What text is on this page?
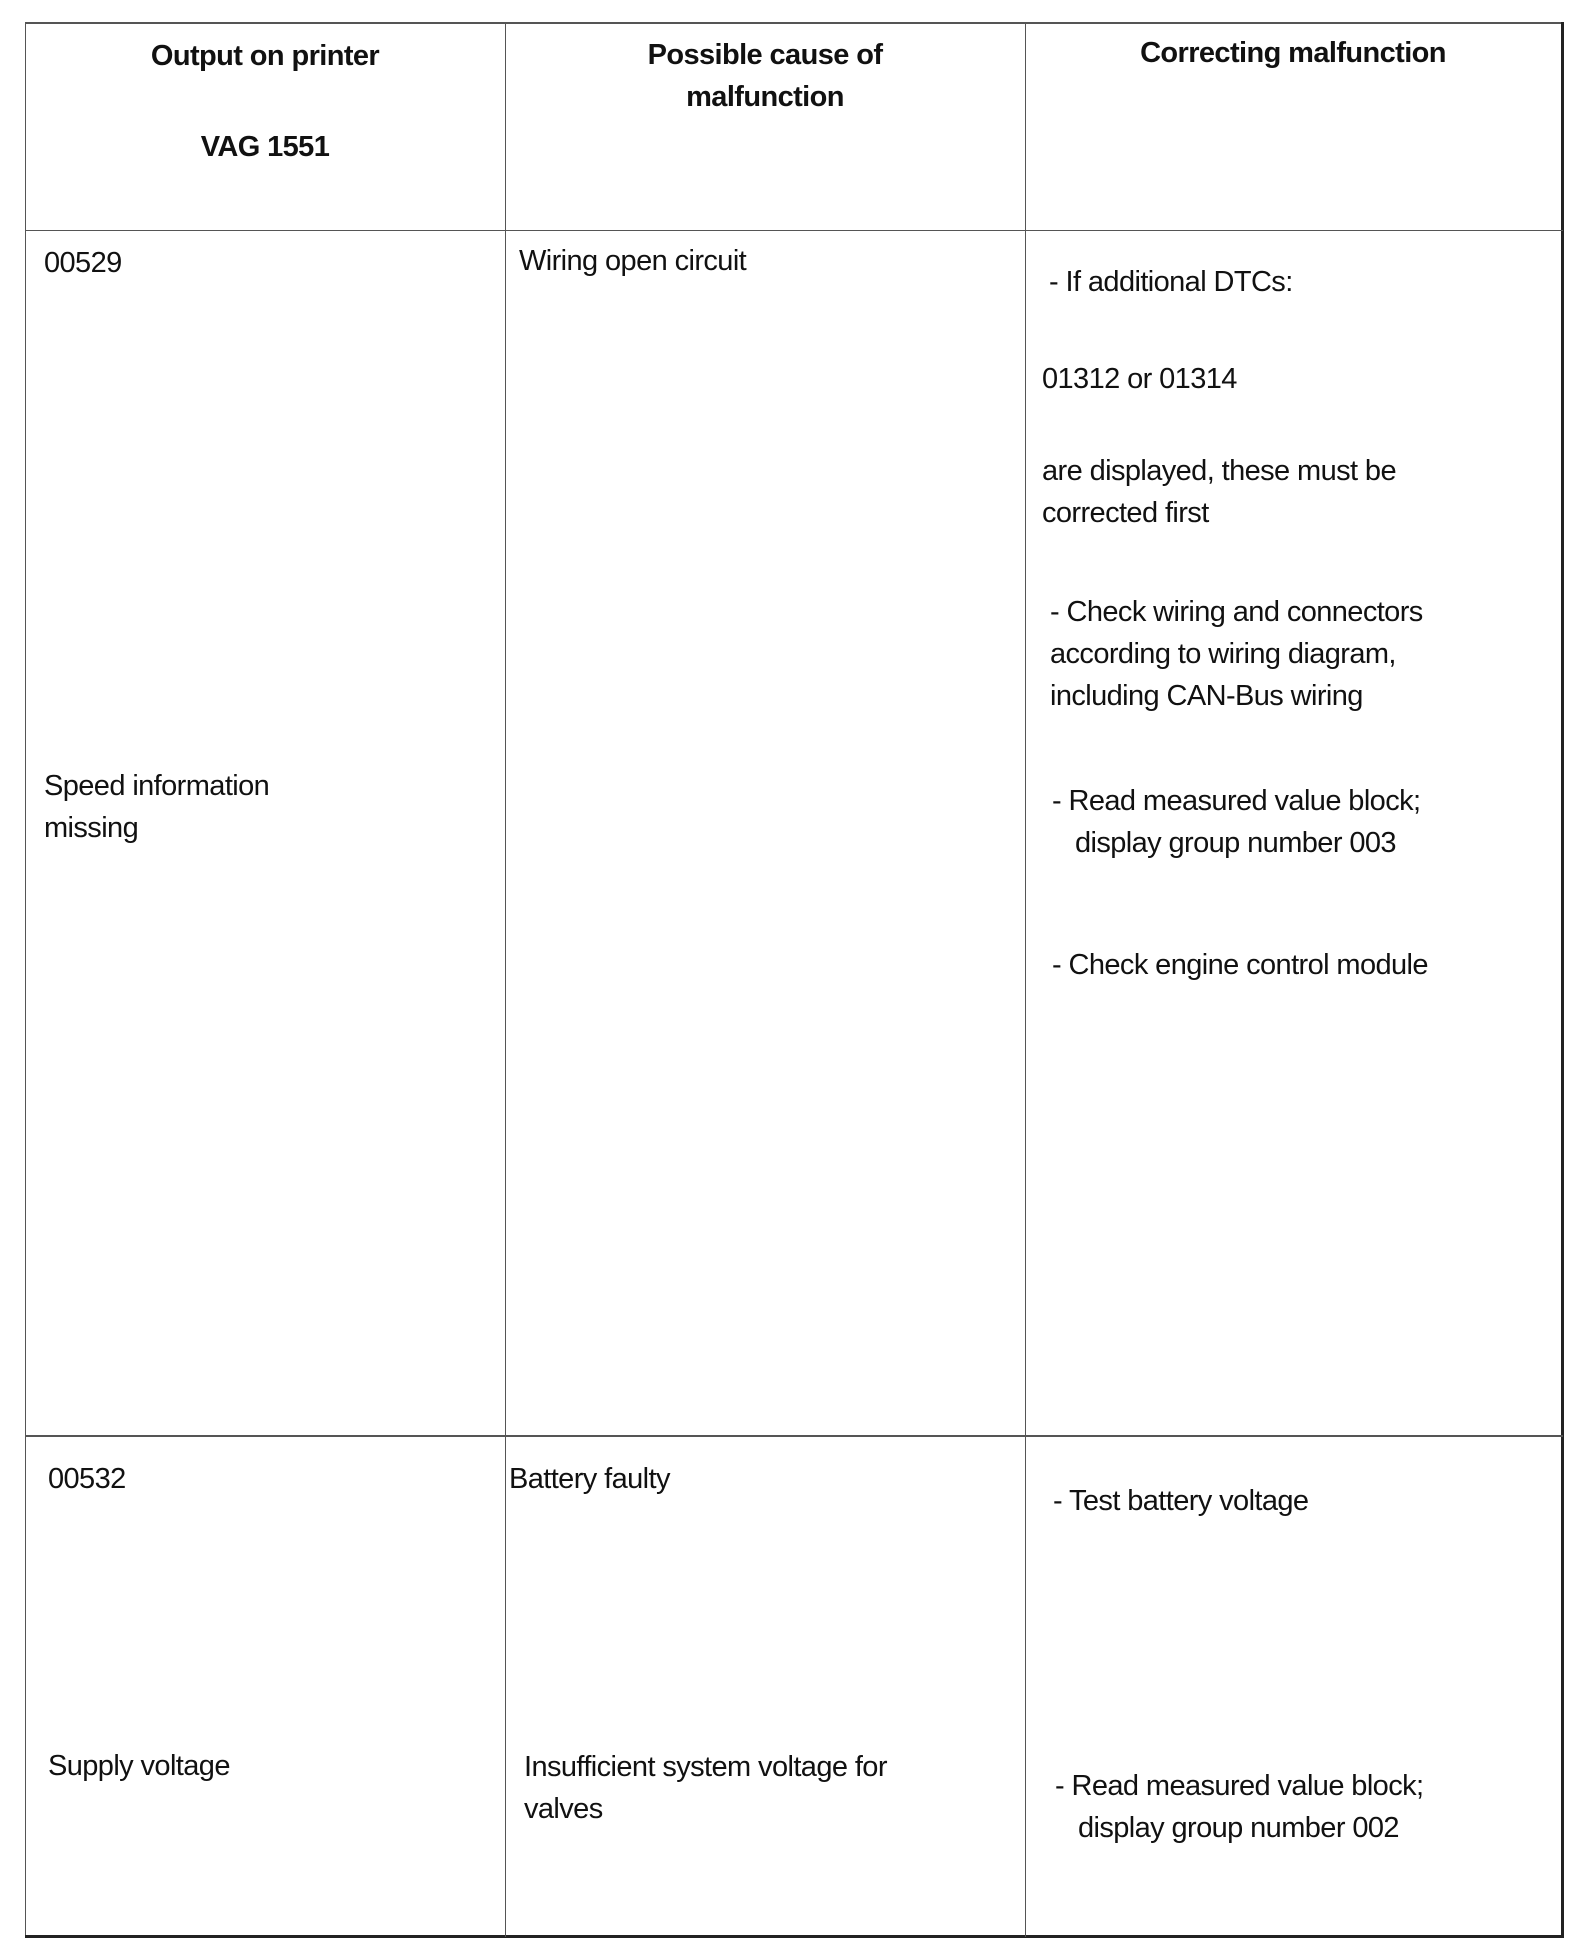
Output on printer
VAG 1551
Possible cause of
malfunction
Correcting malfunction
00529
Speed information
missing
Wiring open circuit
- If additional DTCs:
01312 or 01314
are displayed, these must be
corrected first
- Check wiring and connectors
according to wiring diagram,
including CAN-Bus wiring
- Read measured value block;
display group number 003
- Check engine control module
00532
Supply voltage
Battery faulty
Insufficient system voltage for
valves
- Test battery voltage
- Read measured value block;
display group number 002
